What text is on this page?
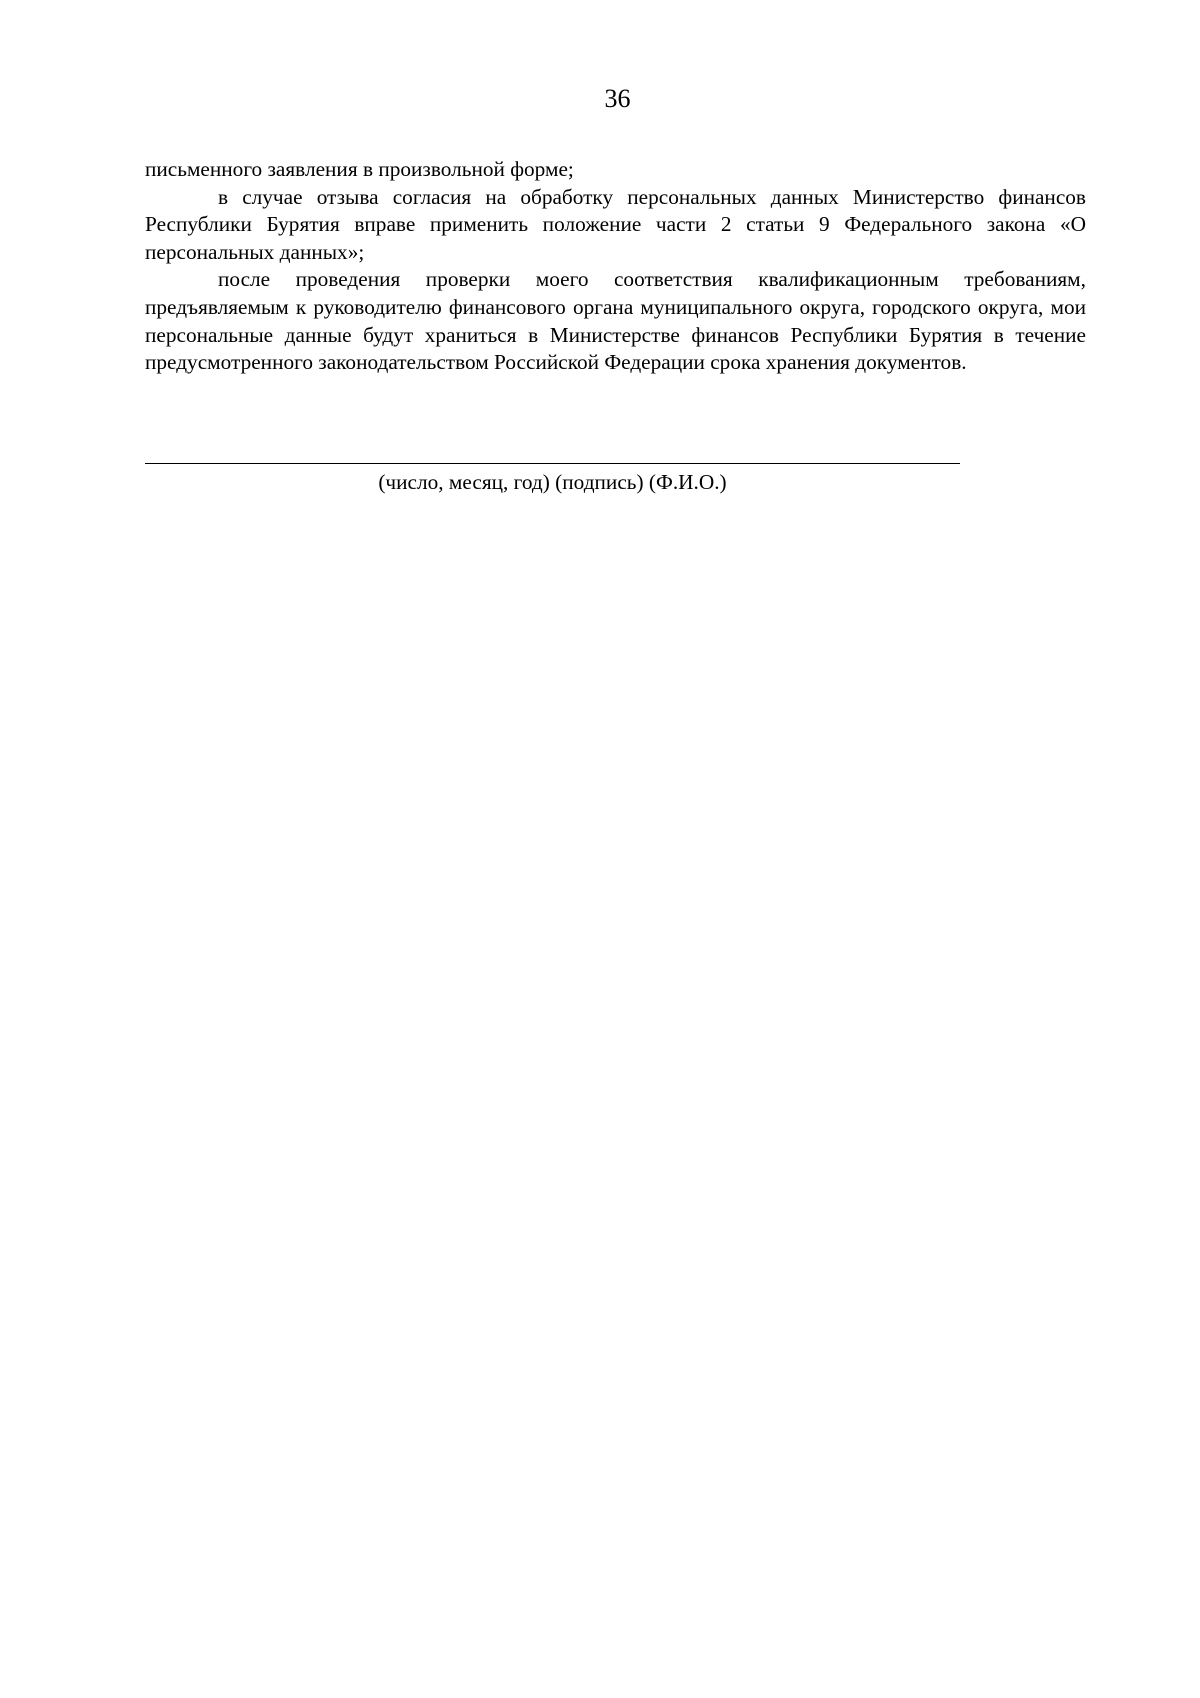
36

письменного заявления в произвольной форме;

в случае отзыва согласия на обработку персональных данных Министерство финансов Республики Бурятия вправе применить положение части 2 статьи 9 Федерального закона «О персональных данных»;

после проведения проверки моего соответствия квалификационным требованиям, предъявляемым к руководителю финансового органа муниципального округа, городского округа, мои персональные данные будут храниться в Министерстве финансов Республики Бурятия в течение предусмотренного законодательством Российской Федерации срока хранения документов.

(число, месяц, год) (подпись) (Ф.И.О.)
